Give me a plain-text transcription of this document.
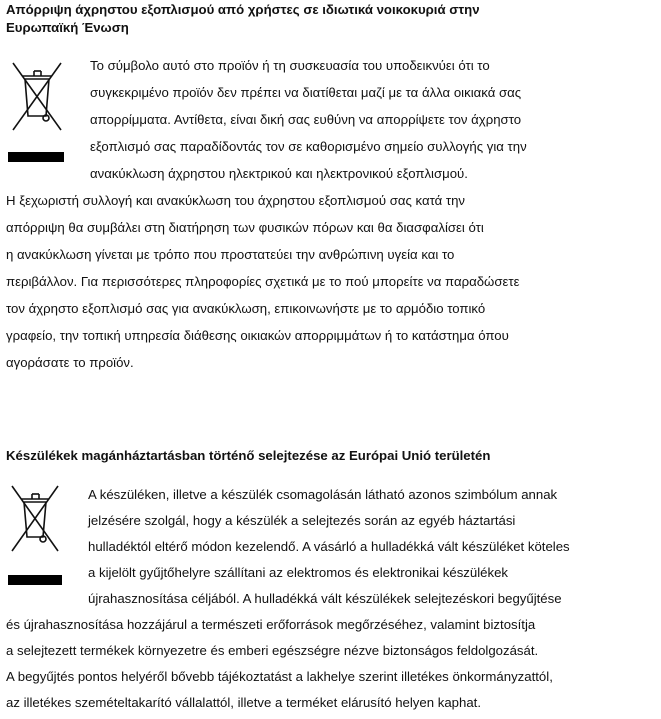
Απόρριψη άχρηστου εξοπλισμού από χρήστες σε ιδιωτικά νοικοκυριά στην
Ευρωπαϊκή Ένωση
Το σύμβολο αυτό στο προϊόν ή τη συσκευασία του υποδεικνύει ότι το
συγκεκριμένο προϊόν δεν πρέπει να διατίθεται μαζί με τα άλλα οικιακά σας
απορρίμματα. Αντίθετα, είναι δική σας ευθύνη να απορρίψετε τον άχρηστο
εξοπλισμό σας παραδίδοντάς τον σε καθορισμένο σημείο συλλογής για την
ανακύκλωση άχρηστου ηλεκτρικού και ηλεκτρονικού εξοπλισμού.
Η ξεχωριστή συλλογή και ανακύκλωση του άχρηστου εξοπλισμού σας κατά την
απόρριψη θα συμβάλει στη διατήρηση των φυσικών πόρων και θα διασφαλίσει ότι
η ανακύκλωση γίνεται με τρόπο που προστατεύει την ανθρώπινη υγεία και το
περιβάλλον. Για περισσότερες πληροφορίες σχετικά με το πού μπορείτε να παραδώσετε
τον άχρηστο εξοπλισμό σας για ανακύκλωση, επικοινωνήστε με το αρμόδιο τοπικό
γραφείο, την τοπική υπηρεσία διάθεσης οικιακών απορριμμάτων ή το κατάστημα όπου
αγοράσατε το προϊόν.
Készülékek magánháztartásban történő selejtezése az Európai Unió területén
A készüléken, illetve a készülék csomagolásán látható azonos szimbólum annak
jelzésére szolgál, hogy a készülék a selejtezés során az egyéb háztartási
hulladéktól eltérő módon kezelendő. A vásárló a hulladékká vált készüléket köteles
a kijelölt gyűjtőhelyre szállítani az elektromos és elektronikai készülékek
újrahasznosítása céljából. A hulladékká vált készülékek selejtezéskori begyűjtése
és újrahasznosítása hozzájárul a természeti erőforrások megőrzéséhez, valamint biztosítja
a selejtezett termékek környezetre és emberi egészségre nézve biztonságos feldolgozását.
A begyűjtés pontos helyéről bővebb tájékoztatást a lakhelye szerint illetékes önkormányzattól,
az illetékes szemételtakarító vállalattól, illetve a terméket elárusító helyen kaphat.
